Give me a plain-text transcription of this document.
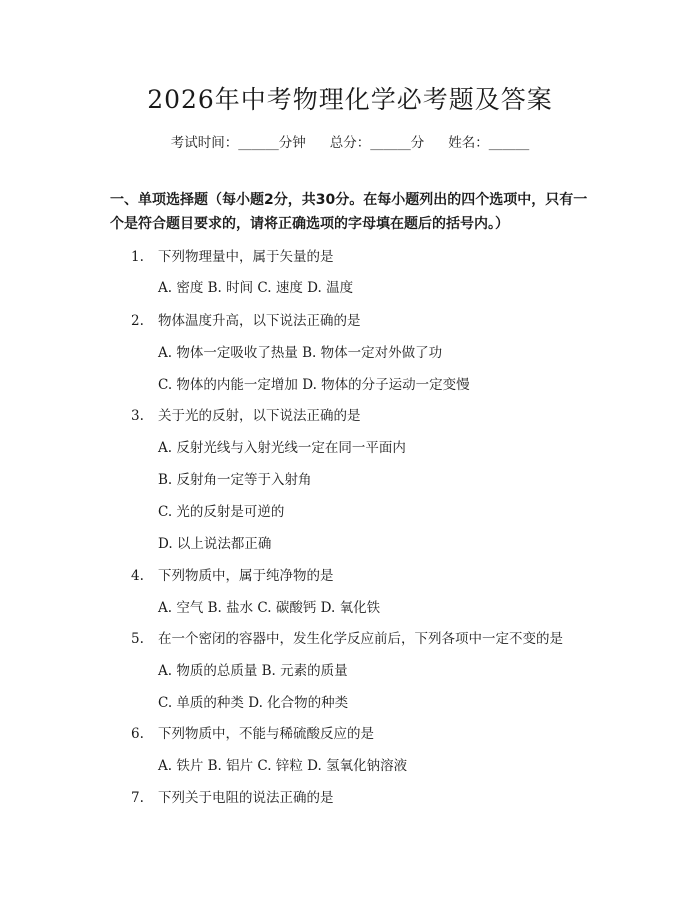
2026年中考物理化学必考题及答案
考试时间：______分钟 总分：______分 姓名：______
一、单项选择题（每小题2分，共30分。在每小题列出的四个选项中，只有一个是符合题目要求的，请将正确选项的字母填在题后的括号内。）
1. 下列物理量中，属于矢量的是
A. 密度 B. 时间 C. 速度 D. 温度
2. 物体温度升高，以下说法正确的是
A. 物体一定吸收了热量 B. 物体一定对外做了功
C. 物体的内能一定增加 D. 物体的分子运动一定变慢
3. 关于光的反射，以下说法正确的是
A. 反射光线与入射光线一定在同一平面内
B. 反射角一定等于入射角
C. 光的反射是可逆的
D. 以上说法都正确
4. 下列物质中，属于纯净物的是
A. 空气 B. 盐水 C. 碳酸钙 D. 氧化铁
5. 在一个密闭的容器中，发生化学反应前后，下列各项中一定不变的是
A. 物质的总质量 B. 元素的质量
C. 单质的种类 D. 化合物的种类
6. 下列物质中，不能与稀硫酸反应的是
A. 铁片 B. 铝片 C. 锌粒 D. 氢氧化钠溶液
7. 下列关于电阻的说法正确的是
